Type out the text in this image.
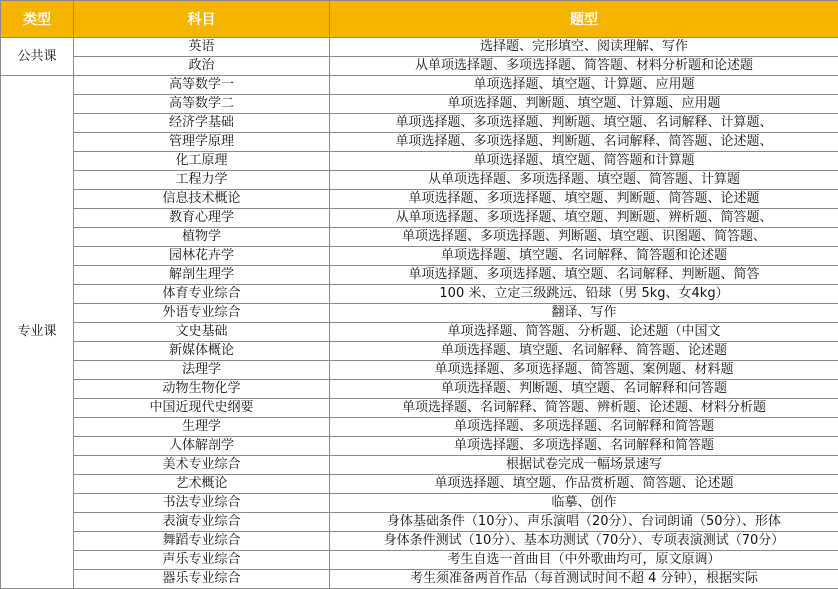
类型	科目	题型
公共课	英语	选择题、完形填空、阅读理解、写作
	政治	从单项选择题、多项选择题、简答题、材料分析题和论述题
专业课	高等数学一	单项选择题、填空题、计算题、应用题
	高等数学二	单项选择题、判断题、填空题、计算题、应用题
	经济学基础	单项选择题、多项选择题、判断题、填空题、名词解释、计算题、
	管理学原理	单项选择题、多项选择题、判断题、名词解释、简答题、论述题、
	化工原理	单项选择题、填空题、简答题和计算题
	工程力学	从单项选择题、多项选择题、填空题、简答题、计算题
	信息技术概论	单项选择题、多项选择题、填空题、判断题、简答题、论述题
	教育心理学	从单项选择题、多项选择题、填空题、判断题、辨析题、简答题、
	植物学	单项选择题、多项选择题、判断题、填空题、识图题、简答题、
	园林花卉学	单项选择题、填空题、名词解释、简答题和论述题
	解剖生理学	单项选择题、多项选择题、填空题、名词解释、判断题、简答
	体育专业综合	100 米、立定三级跳远、铅球（男 5kg、女4kg）
	外语专业综合	翻译、写作
	文史基础	单项选择题、简答题、分析题、论述题（中国文
	新媒体概论	单项选择题、填空题、名词解释、简答题、论述题
	法理学	单项选择题、多项选择题、简答题、案例题、材料题
	动物生物化学	单项选择题、判断题、填空题、名词解释和问答题
	中国近现代史纲要	单项选择题、名词解释、简答题、辨析题、论述题、材料分析题
	生理学	单项选择题、多项选择题、名词解释和简答题
	人体解剖学	单项选择题、多项选择题、名词解释和简答题
	美术专业综合	根据试卷完成一幅场景速写
	艺术概论	单项选择题、填空题、作品赏析题、简答题、论述题
	书法专业综合	临摹、创作
	表演专业综合	身体基础条件（10分）、声乐演唱（20分）、台词朗诵（50分）、形体
	舞蹈专业综合	身体条件测试（10分）、基本功测试（70分）、专项表演测试（70分）
	声乐专业综合	考生自选一首曲目（中外歌曲均可，原文原调）
	器乐专业综合	考生须准备两首作品（每首测试时间不超 4 分钟），根据实际
